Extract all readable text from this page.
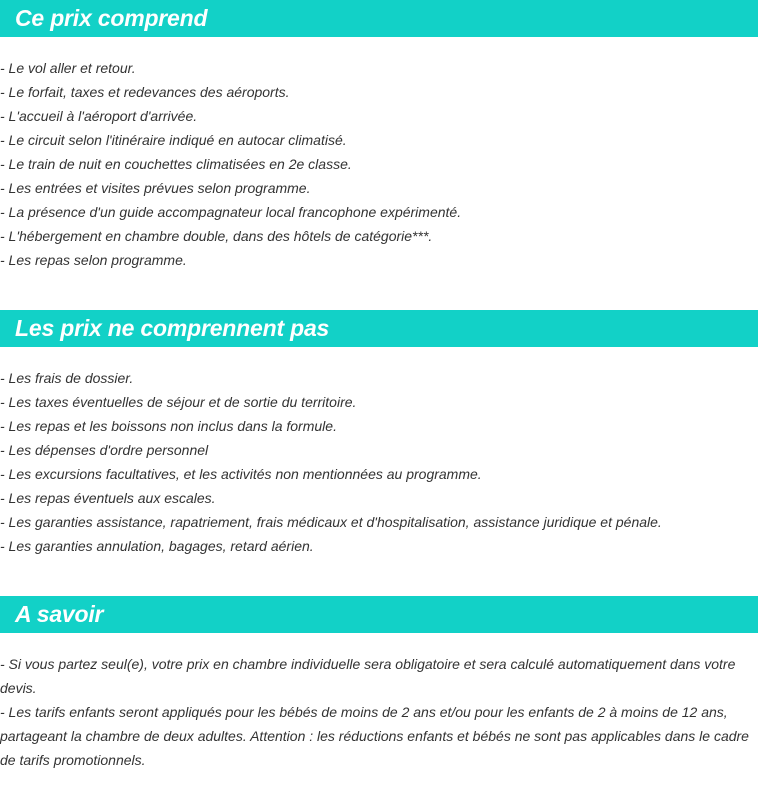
Ce prix comprend
- Le vol aller et retour.
- Le forfait, taxes et redevances des aéroports.
- L'accueil à l'aéroport d'arrivée.
- Le circuit selon l'itinéraire indiqué en autocar climatisé.
- Le train de nuit en couchettes climatisées en 2e classe.
- Les entrées et visites prévues selon programme.
- La présence d'un guide accompagnateur local francophone expérimenté.
- L'hébergement en chambre double, dans des hôtels de catégorie***.
- Les repas selon programme.
Les prix ne comprennent pas
- Les frais de dossier.
- Les taxes éventuelles de séjour et de sortie du territoire.
- Les repas et les boissons non inclus dans la formule.
- Les dépenses d'ordre personnel
- Les excursions facultatives, et les activités non mentionnées au programme.
- Les repas éventuels aux escales.
- Les garanties assistance, rapatriement, frais médicaux et d'hospitalisation, assistance juridique et pénale.
- Les garanties annulation, bagages, retard aérien.
A savoir
- Si vous partez seul(e), votre prix en chambre individuelle sera obligatoire et sera calculé automatiquement dans votre devis.
- Les tarifs enfants seront appliqués pour les bébés de moins de 2 ans et/ou pour les enfants de 2 à moins de 12 ans, partageant la chambre de deux adultes. Attention : les réductions enfants et bébés ne sont pas applicables dans le cadre de tarifs promotionnels.
